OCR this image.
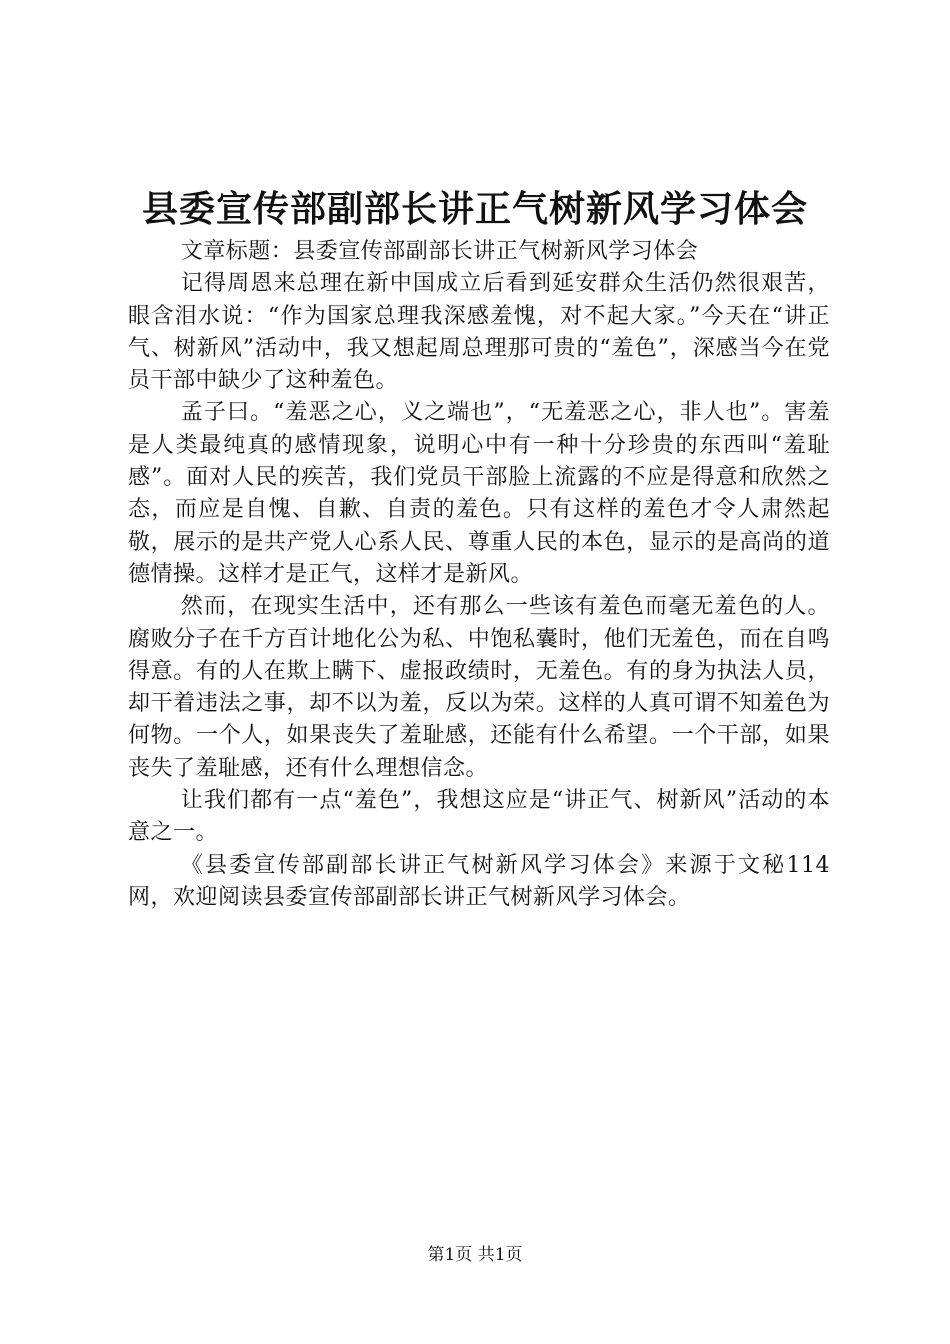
县委宣传部副部长讲正气树新风学习体会

文章标题：县委宣传部副部长讲正气树新风学习体会

记得周恩来总理在新中国成立后看到延安群众生活仍然很艰苦，眼含泪水说：“作为国家总理我深感羞愧，对不起大家。”今天在“讲正气、树新风”活动中，我又想起周总理那可贵的“羞色”，深感当今在党员干部中缺少了这种羞色。

孟子曰。“羞恶之心，义之端也”，“无羞恶之心，非人也”。害羞是人类最纯真的感情现象，说明心中有一种十分珍贵的东西叫“羞耻感”。面对人民的疾苦，我们党员干部脸上流露的不应是得意和欣然之态，而应是自愧、自歉、自责的羞色。只有这样的羞色才令人肃然起敬，展示的是共产党人心系人民、尊重人民的本色，显示的是高尚的道德情操。这样才是正气，这样才是新风。

然而，在现实生活中，还有那么一些该有羞色而毫无羞色的人。腐败分子在千方百计地化公为私、中饱私囊时，他们无羞色，而在自鸣得意。有的人在欺上瞒下、虚报政绩时，无羞色。有的身为执法人员，却干着违法之事，却不以为羞，反以为荣。这样的人真可谓不知羞色为何物。一个人，如果丧失了羞耻感，还能有什么希望。一个干部，如果丧失了羞耻感，还有什么理想信念。

让我们都有一点“羞色”，我想这应是“讲正气、树新风”活动的本意之一。

《县委宣传部副部长讲正气树新风学习体会》来源于文秘114网，欢迎阅读县委宣传部副部长讲正气树新风学习体会。

第1页 共1页
